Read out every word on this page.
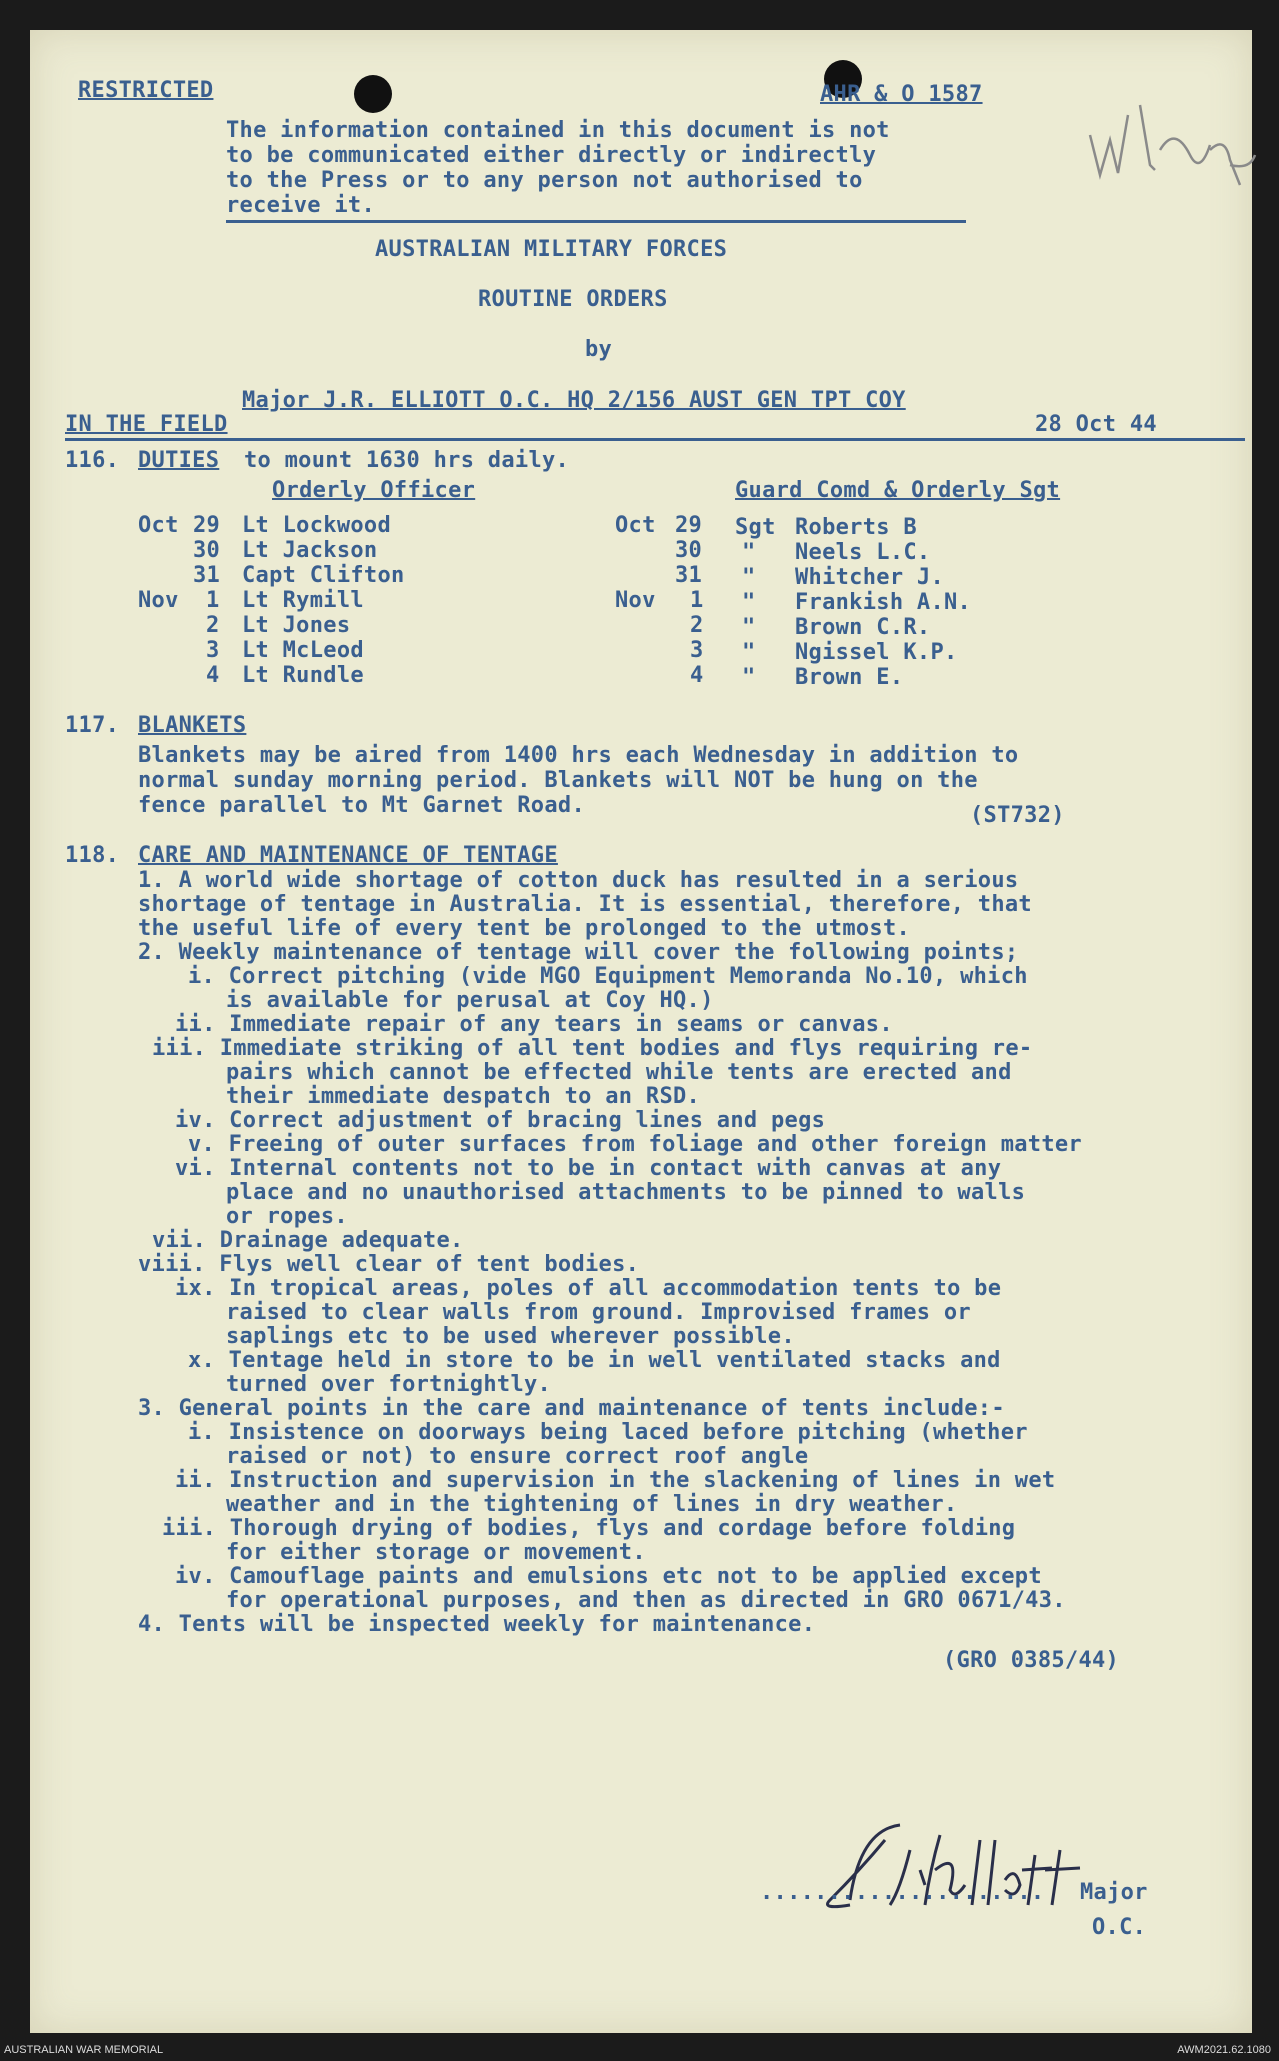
RESTRICTED	AHR & O 1587
The information contained in this document is not
to be communicated either directly or indirectly
to the Press or to any person not authorised to
receive it.
AUSTRALIAN MILITARY FORCES
ROUTINE ORDERS
by
Major J.R. ELLIOTT O.C. HQ 2/156 AUST GEN TPT COY
IN THE FIELD	28 Oct 44
116. DUTIES to mount 1630 hrs daily.
Orderly Officer	Guard Comd & Orderly Sgt
Oct 29 Lt Lockwood	Oct 29 Sgt Roberts B
30 Lt Jackson	30 " Neels L.C.
31 Capt Clifton	31 " Whitcher J.
Nov 1 Lt Rymill	Nov 1 " Frankish A.N.
2 Lt Jones	2 " Brown C.R.
3 Lt McLeod	3 " Ngissel K.P.
4 Lt Rundle	4 " Brown E.
117. BLANKETS
Blankets may be aired from 1400 hrs each Wednesday in addition to
normal sunday morning period. Blankets will NOT be hung on the
fence parallel to Mt Garnet Road.	(ST732)
118. CARE AND MAINTENANCE OF TENTAGE
1. A world wide shortage of cotton duck has resulted in a serious
shortage of tentage in Australia. It is essential, therefore, that
the useful life of every tent be prolonged to the utmost.
2. Weekly maintenance of tentage will cover the following points;
i. Correct pitching (vide MGO Equipment Memoranda No.10, which
is available for perusal at Coy HQ.)
ii. Immediate repair of any tears in seams or canvas.
iii. Immediate striking of all tent bodies and flys requiring re-
pairs which cannot be effected while tents are erected and
their immediate despatch to an RSD.
iv. Correct adjustment of bracing lines and pegs
v. Freeing of outer surfaces from foliage and other foreign matter
vi. Internal contents not to be in contact with canvas at any
place and no unauthorised attachments to be pinned to walls
or ropes.
vii. Drainage adequate.
viii. Flys well clear of tent bodies.
ix. In tropical areas, poles of all accommodation tents to be
raised to clear walls from ground. Improvised frames or
saplings etc to be used wherever possible.
x. Tentage held in store to be in well ventilated stacks and
turned over fortnightly.
3. General points in the care and maintenance of tents include:-
i. Insistence on doorways being laced before pitching (whether
raised or not) to ensure correct roof angle
ii. Instruction and supervision in the slackening of lines in wet
weather and in the tightening of lines in dry weather.
iii. Thorough drying of bodies, flys and cordage before folding
for either storage or movement.
iv. Camouflage paints and emulsions etc not to be applied except
for operational purposes, and then as directed in GRO 0671/43.
4. Tents will be inspected weekly for maintenance.
(GRO 0385/44)
..................... Major
O.C.
AUSTRALIAN WAR MEMORIAL	AWM2021.62.1080
